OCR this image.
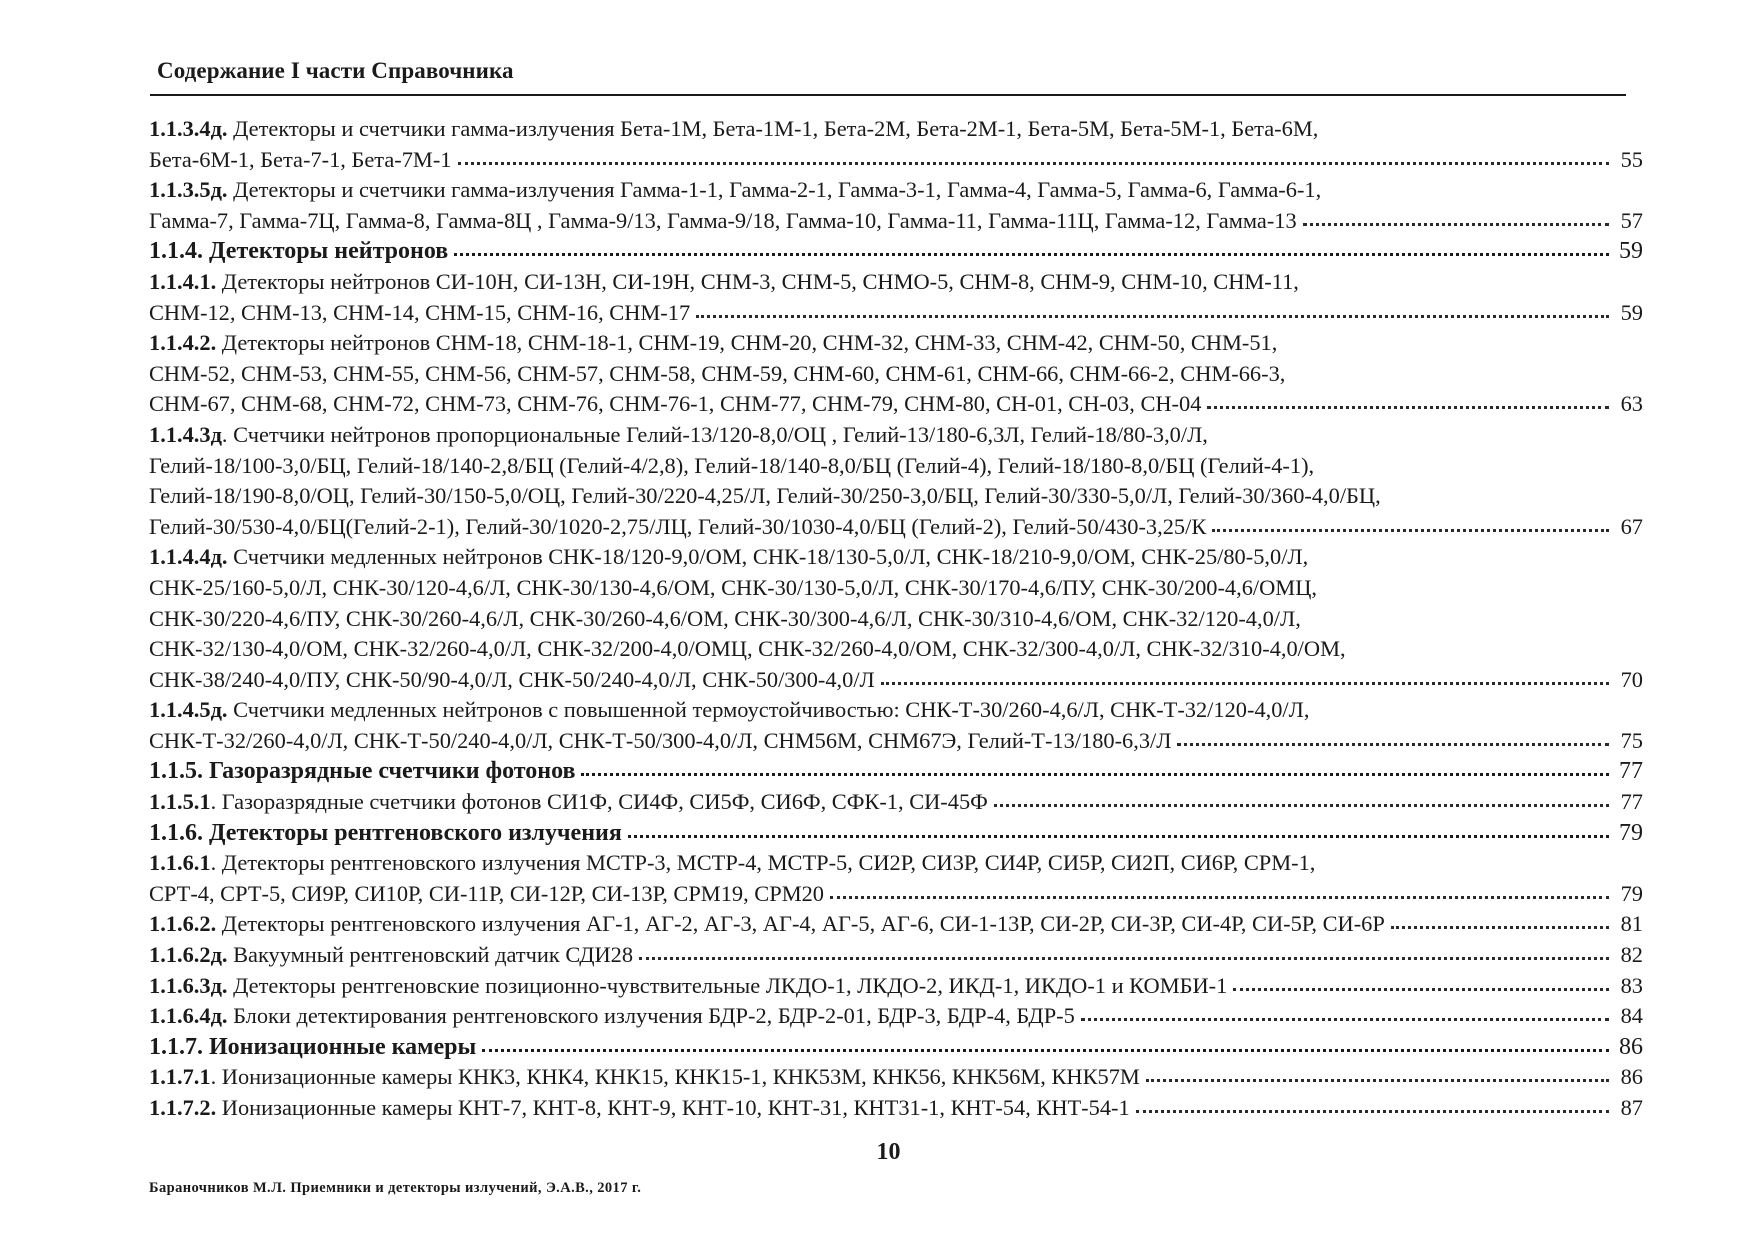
Содержание I части Справочника
1.1.3.4д. Детекторы и счетчики гамма-излучения Бета-1М, Бета-1М-1, Бета-2М, Бета-2М-1, Бета-5М, Бета-5М-1, Бета-6М,
Бета-6М-1, Бета-7-1, Бета-7М-1	55
1.1.3.5д. Детекторы и счетчики гамма-излучения Гамма-1-1, Гамма-2-1, Гамма-3-1, Гамма-4, Гамма-5, Гамма-6, Гамма-6-1,
Гамма-7, Гамма-7Ц, Гамма-8, Гамма-8Ц , Гамма-9/13, Гамма-9/18, Гамма-10, Гамма-11, Гамма-11Ц, Гамма-12, Гамма-13	57
1.1.4. Детекторы нейтронов	59
1.1.4.1. Детекторы нейтронов СИ-10Н, СИ-13Н, СИ-19Н, СНМ-3, СНМ-5, СНМО-5, СНМ-8, СНМ-9, СНМ-10, СНМ-11,
СНМ-12, СНМ-13, СНМ-14, СНМ-15, СНМ-16, СНМ-17	59
1.1.4.2. Детекторы нейтронов СНМ-18, СНМ-18-1, СНМ-19, СНМ-20, СНМ-32, СНМ-33, СНМ-42, СНМ-50, СНМ-51,
СНМ-52, СНМ-53, СНМ-55, СНМ-56, СНМ-57, СНМ-58, СНМ-59, СНМ-60, СНМ-61, СНМ-66, СНМ-66-2, СНМ-66-3,
СНМ-67, СНМ-68, СНМ-72, СНМ-73, СНМ-76, СНМ-76-1, СНМ-77, СНМ-79, СНМ-80, СН-01, СН-03, СН-04	63
1.1.4.3д. Счетчики нейтронов пропорциональные Гелий-13/120-8,0/ОЦ , Гелий-13/180-6,3Л, Гелий-18/80-3,0/Л,
Гелий-18/100-3,0/БЦ, Гелий-18/140-2,8/БЦ (Гелий-4/2,8), Гелий-18/140-8,0/БЦ (Гелий-4), Гелий-18/180-8,0/БЦ (Гелий-4-1),
Гелий-18/190-8,0/ОЦ, Гелий-30/150-5,0/ОЦ, Гелий-30/220-4,25/Л, Гелий-30/250-3,0/БЦ, Гелий-30/330-5,0/Л, Гелий-30/360-4,0/БЦ,
Гелий-30/530-4,0/БЦ(Гелий-2-1), Гелий-30/1020-2,75/ЛЦ, Гелий-30/1030-4,0/БЦ (Гелий-2), Гелий-50/430-3,25/К	67
1.1.4.4д. Счетчики медленных нейтронов СНК-18/120-9,0/ОМ, СНК-18/130-5,0/Л, СНК-18/210-9,0/ОМ, СНК-25/80-5,0/Л,
СНК-25/160-5,0/Л, СНК-30/120-4,6/Л, СНК-30/130-4,6/ОМ, СНК-30/130-5,0/Л, СНК-30/170-4,6/ПУ, СНК-30/200-4,6/ОМЦ,
СНК-30/220-4,6/ПУ, СНК-30/260-4,6/Л, СНК-30/260-4,6/ОМ, СНК-30/300-4,6/Л, СНК-30/310-4,6/ОМ, СНК-32/120-4,0/Л,
СНК-32/130-4,0/ОМ, СНК-32/260-4,0/Л, СНК-32/200-4,0/ОМЦ, СНК-32/260-4,0/ОМ, СНК-32/300-4,0/Л, СНК-32/310-4,0/ОМ,
СНК-38/240-4,0/ПУ, СНК-50/90-4,0/Л, СНК-50/240-4,0/Л, СНК-50/300-4,0/Л	70
1.1.4.5д. Счетчики медленных нейтронов с повышенной термоустойчивостью: СНК-Т-30/260-4,6/Л, СНК-Т-32/120-4,0/Л,
СНК-Т-32/260-4,0/Л, СНК-Т-50/240-4,0/Л, СНК-Т-50/300-4,0/Л, СНМ56М, СНМ67Э, Гелий-Т-13/180-6,3/Л	75
1.1.5. Газоразрядные счетчики фотонов	77
1.1.5.1. Газоразрядные счетчики фотонов СИ1Ф, СИ4Ф, СИ5Ф, СИ6Ф, СФК-1, СИ-45Ф	77
1.1.6. Детекторы рентгеновского излучения	79
1.1.6.1. Детекторы рентгеновского излучения МСТР-3, МСТР-4, МСТР-5, СИ2Р, СИ3Р, СИ4Р, СИ5Р, СИ2П, СИ6Р, СРМ-1,
СРТ-4, СРТ-5, СИ9Р, СИ10Р, СИ-11Р, СИ-12Р, СИ-13Р, СРМ19, СРМ20	79
1.1.6.2. Детекторы рентгеновского излучения АГ-1, АГ-2, АГ-3, АГ-4, АГ-5, АГ-6, СИ-1-13Р, СИ-2Р, СИ-3Р, СИ-4Р, СИ-5Р, СИ-6Р	81
1.1.6.2д. Вакуумный рентгеновский датчик СДИ28	82
1.1.6.3д. Детекторы рентгеновские позиционно-чувствительные ЛКДО-1, ЛКДО-2, ИКД-1, ИКДО-1 и КОМБИ-1	83
1.1.6.4д. Блоки детектирования рентгеновского излучения БДР-2, БДР-2-01, БДР-3, БДР-4, БДР-5	84
1.1.7. Ионизационные камеры	86
1.1.7.1. Ионизационные камеры КНК3, КНК4, КНК15, КНК15-1, КНК53М, КНК56, КНК56М, КНК57М	86
1.1.7.2. Ионизационные камеры КНТ-7, КНТ-8, КНТ-9, КНТ-10, КНТ-31, КНТ31-1, КНТ-54, КНТ-54-1	87
10
Бараночников М.Л. Приемники и детекторы излучений, Э.А.В., 2017 г.
